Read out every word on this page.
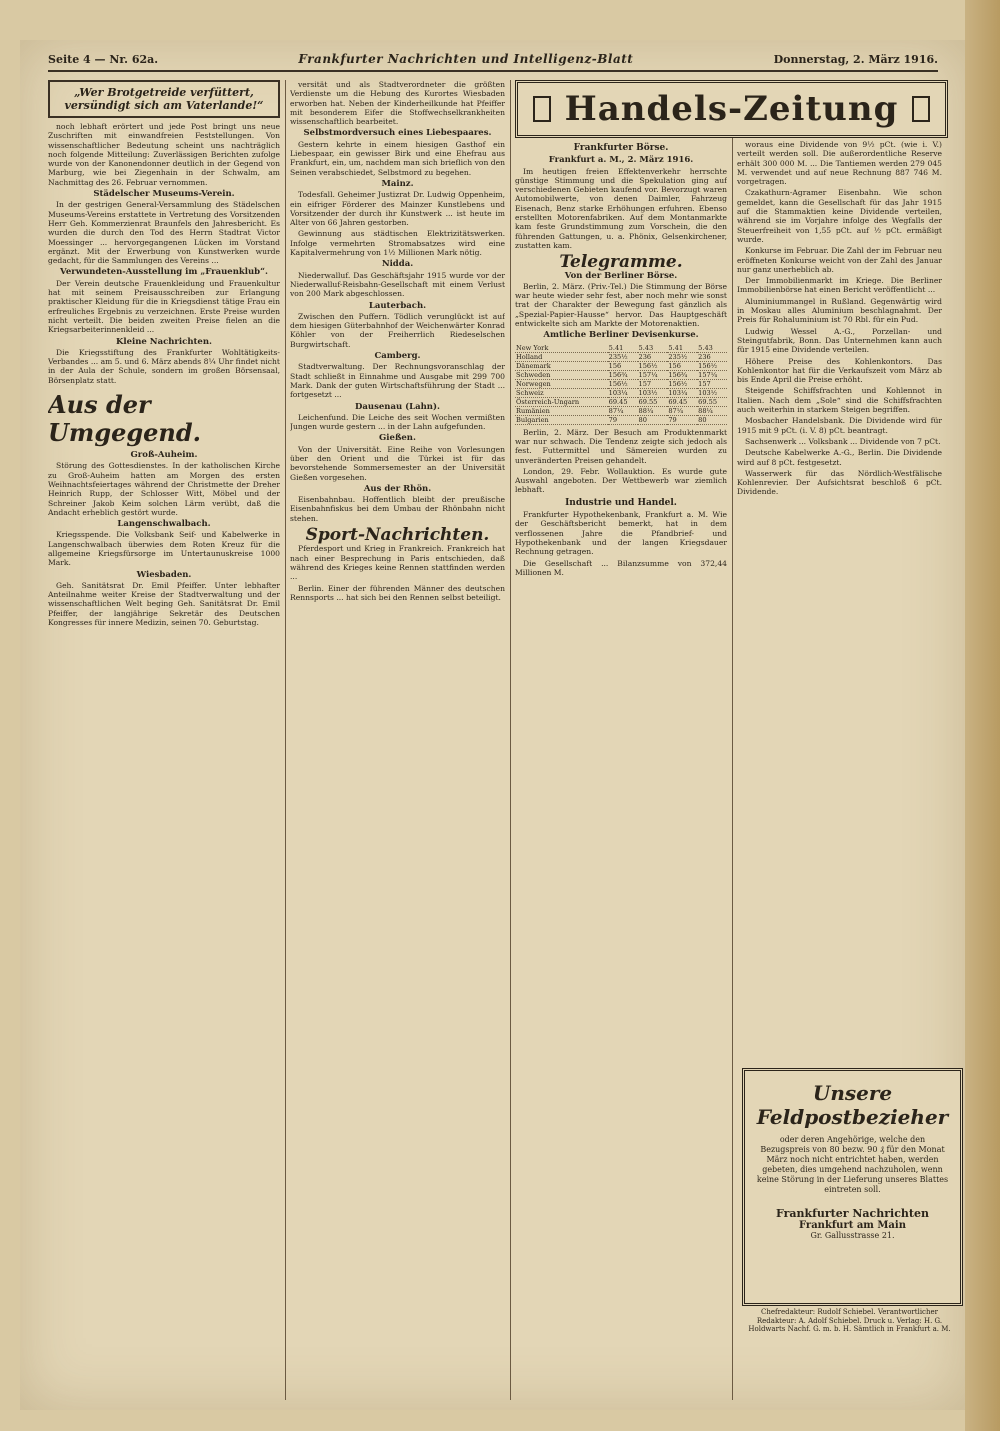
Seite 4 — Nr. 62a.	Frankfurter Nachrichten und Intelligenz-Blatt	Donnerstag, 2. März 1916.
„Wer Brotgetreide verfüttert, versündigt sich am Vaterlande!“

noch lebhaft erörtert und jede Post bringt uns neue Zuschriften mit einwandfreien Feststellungen. Von wissenschaftlicher Bedeutung scheint uns nachträglich noch folgende Mitteilung: Zuverlässigen Berichten zufolge wurde von der Kanonendonner deutlich in der Gegend von Marburg, wie bei Ziegenhain in der Schwalm, am Nachmittag des 26. Februar vernommen.

Städelscher Museums-Verein.

In der gestrigen General-Versammlung des Städelschen Museums-Vereins erstattete in Vertretung des Vorsitzenden Herr Geh. Kommerzienrat Braunfels den Jahresbericht. Es wurden die durch den Tod des Herrn Stadtrat Victor Moessinger ... hervorgegangenen Lücken im Vorstand ergänzt. Mit der Erwerbung von Kunstwerken wurde gedacht, für die Sammlungen des Vereins ...

Verwundeten-Ausstellung im „Frauenklub“.

Der Verein deutsche Frauenkleidung und Frauenkultur hat mit seinem Preisausschreiben zur Erlangung praktischer Kleidung für die in Kriegsdienst tätige Frau ein erfreuliches Ergebnis zu verzeichnen. Erste Preise wurden nicht verteilt. Die beiden zweiten Preise fielen an die Kriegsarbeiterinnenkleid ...

Kleine Nachrichten.

Die Kriegsstiftung des Frankfurter Wohltätigkeits-Verbandes ... am 5. und 6. März abends 8¼ Uhr findet nicht in der Aula der Schule, sondern im großen Börsensaal, Börsenplatz statt.

Aus der Umgegend.
Groß-Auheim.

Störung des Gottesdienstes. In der katholischen Kirche zu Groß-Auheim hatten am Morgen des ersten Weihnachtsfeiertages während der Christmette der Dreher Heinrich Rupp, der Schlosser Witt, Möbel und der Schreiner Jakob Keim solchen Lärm verübt, daß die Andacht erheblich gestört wurde.

Langenschwalbach.

Kriegsspende. Die Volksbank Seif- und Kabelwerke in Langenschwalbach überwies dem Roten Kreuz für die allgemeine Kriegsfürsorge im Untertaunuskreise 1000 Mark.

Wiesbaden.

Geh. Sanitätsrat Dr. Emil Pfeiffer. Unter lebhafter Anteilnahme weiter Kreise der Stadtverwaltung und der wissenschaftlichen Welt beging Geh. Sanitätsrat Dr. Emil Pfeiffer, der langjährige Sekretär des Deutschen Kongresses für innere Medizin, seinen 70. Geburtstag.

versität und als Stadtverordneter die größten Verdienste um die Hebung des Kurortes Wiesbaden erworben hat. Neben der Kinderheilkunde hat Pfeiffer mit besonderem Eifer die Stoffwechselkrankheiten wissenschaftlich bearbeitet.

Selbstmordversuch eines Liebespaares.

Gestern kehrte in einem hiesigen Gasthof ein Liebespaar, ein gewisser Birk und eine Ehefrau aus Frankfurt, ein, um, nachdem man sich brieflich von den Seinen verabschiedet, Selbstmord zu begehen.

Mainz.

Todesfall. Geheimer Justizrat Dr. Ludwig Oppenheim, ein eifriger Förderer des Mainzer Kunstlebens und Vorsitzender der durch ihr Kunstwerk ... ist heute im Alter von 66 Jahren gestorben.

Gewinnung aus städtischen Elektrizitätswerken. Infolge vermehrten Stromabsatzes wird eine Kapitalvermehrung von 1½ Millionen Mark nötig.

Nidda.

Niederwalluf. Das Geschäftsjahr 1915 wurde vor der Niederwalluf-Reisbahn-Gesellschaft mit einem Verlust von 200 Mark abgeschlossen.

Lauterbach.

Zwischen den Puffern. Tödlich verunglückt ist auf dem hiesigen Güterbahnhof der Weichenwärter Konrad Köhler von der Freiherrlich Riedeselschen Burgwirtschaft.

Camberg.

Stadtverwaltung. Der Rechnungsvoranschlag der Stadt schließt in Einnahme und Ausgabe mit 299 700 Mark. Dank der guten Wirtschaftsführung der Stadt ... fortgesetzt ...

Dausenau (Lahn).

Leichenfund. Die Leiche des seit Wochen vermißten Jungen wurde gestern ... in der Lahn aufgefunden.

Gießen.

Von der Universität. Eine Reihe von Vorlesungen über den Orient und die Türkei ist für das bevorstehende Sommersemester an der Universität Gießen vorgesehen.

Aus der Rhön.

Eisenbahnbau. Hoffentlich bleibt der preußische Eisenbahnfiskus bei dem Umbau der Rhönbahn nicht stehen.

Sport-Nachrichten.

Pferdesport und Krieg in Frankreich. Frankreich hat nach einer Besprechung in Paris entschieden, daß während des Krieges keine Rennen stattfinden werden ...

Berlin. Einer der führenden Männer des deutschen Rennsports ... hat sich bei den Rennen selbst beteiligt.

Handels-Zeitung
Frankfurter Börse.
Frankfurt a. M., 2. März 1916.

Im heutigen freien Effektenverkehr herrschte günstige Stimmung und die Spekulation ging auf verschiedenen Gebieten kaufend vor. Bevorzugt waren Automobilwerte, von denen Daimler, Fahrzeug Eisenach, Benz starke Erhöhungen erfuhren. Ebenso erstellten Motorenfabriken. Auf dem Montanmarkte kam feste Grundstimmung zum Vorschein, die den führenden Gattungen, u. a. Phönix, Gelsenkirchener, zustatten kam.

Telegramme.
Von der Berliner Börse.

Berlin, 2. März. (Priv.-Tel.) Die Stimmung der Börse war heute wieder sehr fest, aber noch mehr wie sonst trat der Charakter der Bewegung fast gänzlich als „Spezial-Papier-Hausse“ hervor. Das Hauptgeschäft entwickelte sich am Markte der Motorenaktien.

Amtliche Berliner Devisenkurse.
New York	5.41	5.43	5.41	5.43
Holland	235½	236	235½	236
Dänemark	156	156½	156	156½
Schweden	156¾	157¼	156¾	157¼
Norwegen	156½	157	156½	157
Schweiz	103¼	103½	103¼	103½
Österreich-Ungarn	69.45	69.55	69.45	69.55
Rumänien	87¼	88¼	87¼	88¼
Bulgarien	79	80	79	80

Berlin, 2. März. Der Besuch am Produktenmarkt war nur schwach. Die Tendenz zeigte sich jedoch als fest. Futtermittel und Sämereien wurden zu unveränderten Preisen gehandelt.

London, 29. Febr. Wollauktion. Es wurde gute Auswahl angeboten. Der Wettbewerb war ziemlich lebhaft.

Industrie und Handel.

Frankfurter Hypothekenbank, Frankfurt a. M. Wie der Geschäftsbericht bemerkt, hat in dem verflossenen Jahre die Pfandbrief- und Hypothekenbank und der langen Kriegsdauer Rechnung getragen.

Die Gesellschaft ... Bilanzsumme von 372,44 Millionen M.

woraus eine Dividende von 9½ pCt. (wie i. V.) verteilt werden soll. Die außerordentliche Reserve erhält 300 000 M. ... Die Tantiemen werden 279 045 M. verwendet und auf neue Rechnung 887 746 M. vorgetragen.

Czakathurn-Agramer Eisenbahn. Wie schon gemeldet, kann die Gesellschaft für das Jahr 1915 auf die Stammaktien keine Dividende verteilen, während sie im Vorjahre infolge des Wegfalls der Steuerfreiheit von 1,55 pCt. auf ½ pCt. ermäßigt wurde.

Konkurse im Februar. Die Zahl der im Februar neu eröffneten Konkurse weicht von der Zahl des Januar nur ganz unerheblich ab.

Der Immobilienmarkt im Kriege. Die Berliner Immobilienbörse hat einen Bericht veröffentlicht ...

Aluminiummangel in Rußland. Gegenwärtig wird in Moskau alles Aluminium beschlagnahmt. Der Preis für Rohaluminium ist 70 Rbl. für ein Pud.

Ludwig Wessel A.-G., Porzellan- und Steingutfabrik, Bonn. Das Unternehmen kann auch für 1915 eine Dividende verteilen.

Höhere Preise des Kohlenkontors. Das Kohlenkontor hat für die Verkaufszeit vom März ab bis Ende April die Preise erhöht.

Steigende Schiffsfrachten und Kohlennot in Italien. Nach dem „Sole“ sind die Schiffsfrachten auch weiterhin in starkem Steigen begriffen.

Mosbacher Handelsbank. Die Dividende wird für 1915 mit 9 pCt. (i. V. 8) pCt. beantragt.

Sachsenwerk ... Volksbank ... Dividende von 7 pCt.

Deutsche Kabelwerke A.-G., Berlin. Die Dividende wird auf 8 pCt. festgesetzt.

Wasserwerk für das Nördlich-Westfälische Kohlenrevier. Der Aufsichtsrat beschloß 6 pCt. Dividende.

Unsere Feldpostbezieher
oder deren Angehörige, welche den Bezugspreis von 80 bezw. 90 ₰ für den Monat März noch nicht entrichtet haben, werden gebeten, dies umgehend nachzuholen, wenn keine Störung in der Lieferung unseres Blattes eintreten soll.
Frankfurter Nachrichten
Frankfurt am Main
Gr. Gallusstrasse 21.
Chefredakteur: Rudolf Schiebel. Verantwortlicher Redakteur: A. Adolf Schiebel. Druck u. Verlag: H. G. Holdwarts Nachf. G. m. b. H. Sämtlich in Frankfurt a. M.
